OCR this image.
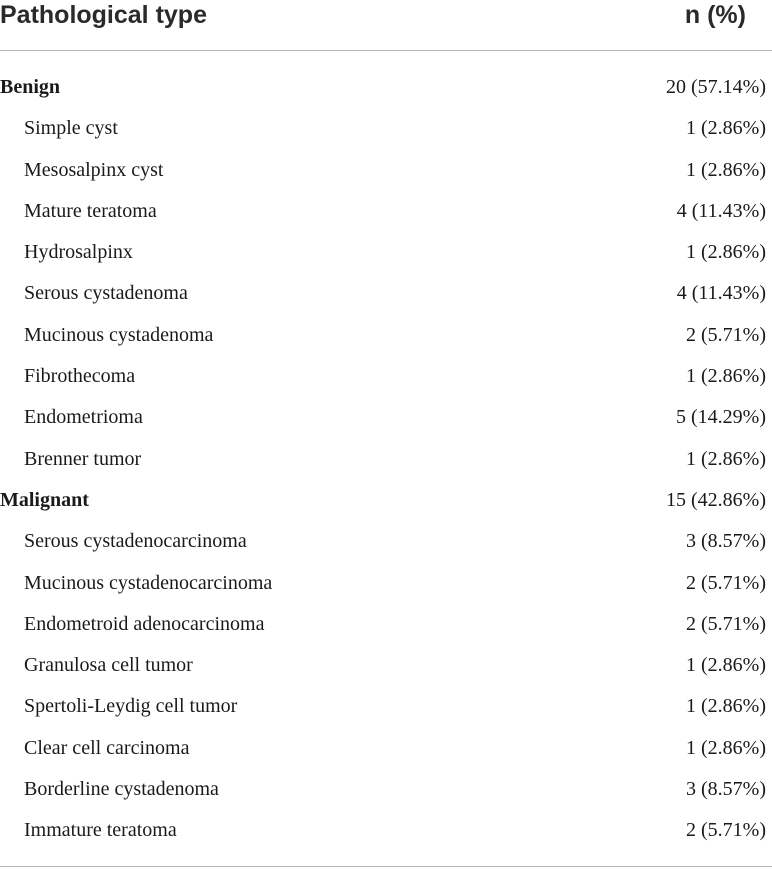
Pathological type	n (%)
Benign	20 (57.14%)
Simple cyst	1 (2.86%)
Mesosalpinx cyst	1 (2.86%)
Mature teratoma	4 (11.43%)
Hydrosalpinx	1 (2.86%)
Serous cystadenoma	4 (11.43%)
Mucinous cystadenoma	2 (5.71%)
Fibrothecoma	1 (2.86%)
Endometrioma	5 (14.29%)
Brenner tumor	1 (2.86%)
Malignant	15 (42.86%)
Serous cystadenocarcinoma	3 (8.57%)
Mucinous cystadenocarcinoma	2 (5.71%)
Endometroid adenocarcinoma	2 (5.71%)
Granulosa cell tumor	1 (2.86%)
Spertoli-Leydig cell tumor	1 (2.86%)
Clear cell carcinoma	1 (2.86%)
Borderline cystadenoma	3 (8.57%)
Immature teratoma	2 (5.71%)
